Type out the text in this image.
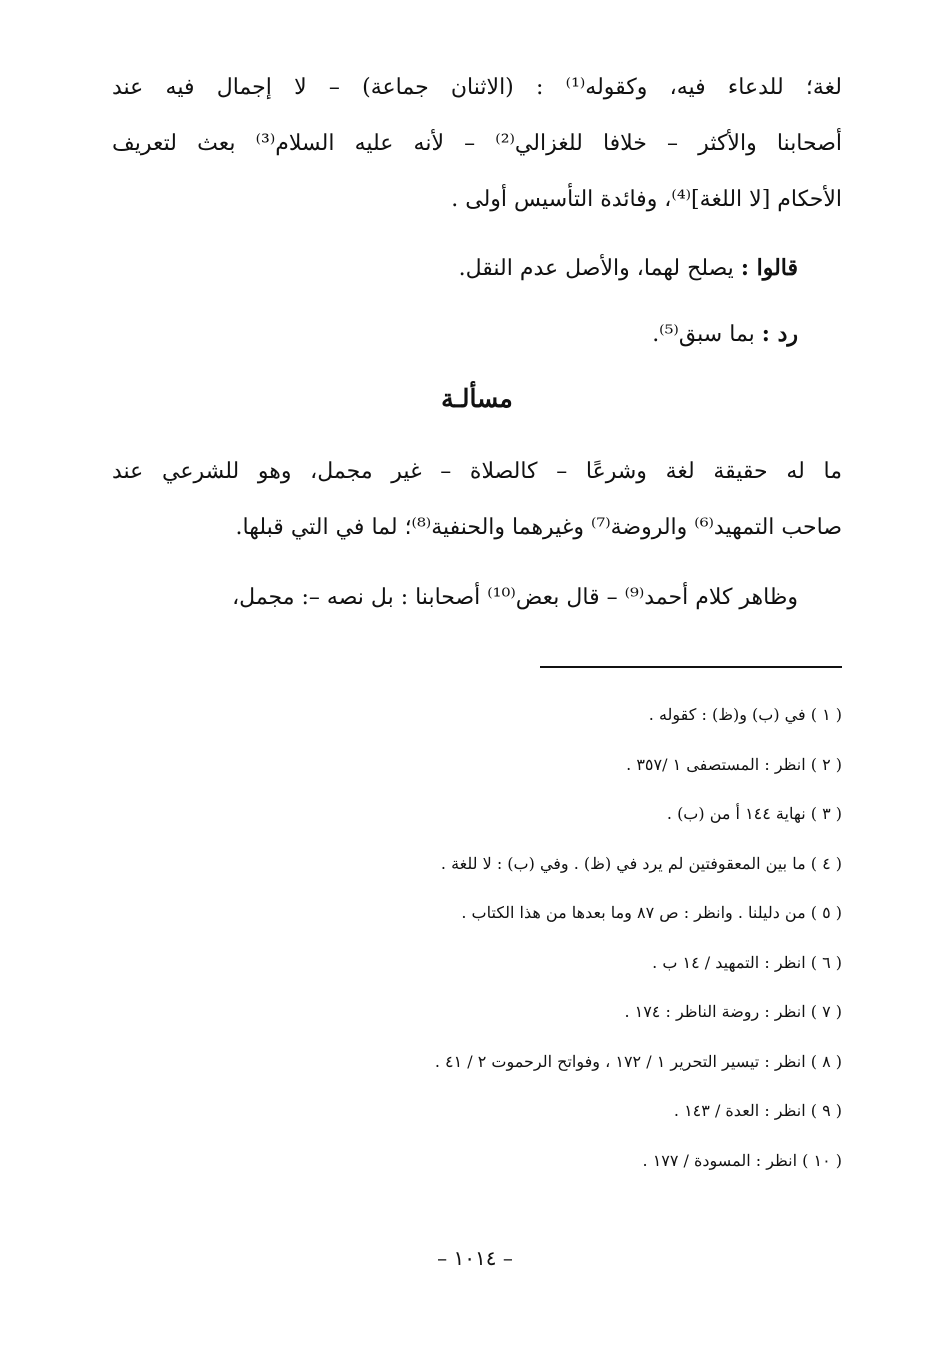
لغة؛ للدعاء فيه، وكقوله⁽¹⁾ : (الاثنان جماعة) – لا إجمال فيه عند
أصحابنا والأكثر – خلافا للغزالي⁽²⁾ – لأنه عليه السلام⁽³⁾ بعث لتعريف
الأحكام [لا اللغة]⁽⁴⁾، وفائدة التأسيس أولى .
قالوا : يصلح لهما، والأصل عدم النقل.
رد : بما سبق⁽⁵⁾.
مسألـة
ما له حقيقة لغة وشرعًا – كالصلاة – غير مجمل، وهو للشرعي عند
صاحب التمهيد⁽⁶⁾ والروضة⁽⁷⁾ وغيرهما والحنفية⁽⁸⁾؛ لما في التي قبلها.
وظاهر كلام أحمد⁽⁹⁾ – قال بعض⁽¹⁰⁾ أصحابنا : بل نصه –: مجمل،
( ١ ) في (ب) و(ظ) : كقوله .
( ٢ ) انظر : المستصفى ١ /٣٥٧ .
( ٣ ) نهاية ١٤٤ أ من (ب) .
( ٤ ) ما بين المعقوفتين لم يرد في (ظ) . وفي (ب) : لا للغة .
( ٥ ) من دليلنا . وانظر : ص ٨٧ وما بعدها من هذا الكتاب .
( ٦ ) انظر : التمهيد / ١٤ ب .
( ٧ ) انظر : روضة الناظر : ١٧٤ .
( ٨ ) انظر : تيسير التحرير ١ / ١٧٢ ، وفواتح الرحموت ٢ / ٤١ .
( ٩ ) انظر : العدة / ١٤٣ .
( ١٠ ) انظر : المسودة / ١٧٧ .
– ١٠١٤ –
